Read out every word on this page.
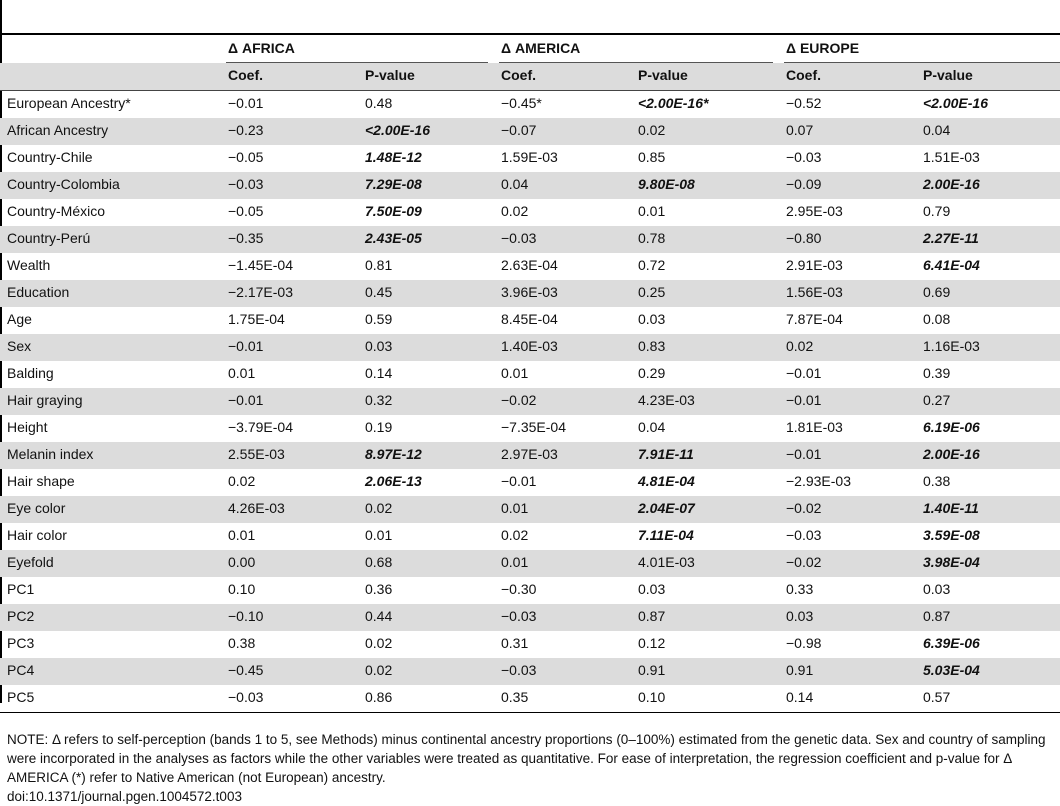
Δ AFRICA	Δ AMERICA	Δ EUROPE
Coef.	P-value	Coef.	P-value	Coef.	P-value
European Ancestry*	−0.01	0.48	−0.45*	<2.00E-16*	−0.52	<2.00E-16
African Ancestry	−0.23	<2.00E-16	−0.07	0.02	0.07	0.04
Country-Chile	−0.05	1.48E-12	1.59E-03	0.85	−0.03	1.51E-03
Country-Colombia	−0.03	7.29E-08	0.04	9.80E-08	−0.09	2.00E-16
Country-México	−0.05	7.50E-09	0.02	0.01	2.95E-03	0.79
Country-Perú	−0.35	2.43E-05	−0.03	0.78	−0.80	2.27E-11
Wealth	−1.45E-04	0.81	2.63E-04	0.72	2.91E-03	6.41E-04
Education	−2.17E-03	0.45	3.96E-03	0.25	1.56E-03	0.69
Age	1.75E-04	0.59	8.45E-04	0.03	7.87E-04	0.08
Sex	−0.01	0.03	1.40E-03	0.83	0.02	1.16E-03
Balding	0.01	0.14	0.01	0.29	−0.01	0.39
Hair graying	−0.01	0.32	−0.02	4.23E-03	−0.01	0.27
Height	−3.79E-04	0.19	−7.35E-04	0.04	1.81E-03	6.19E-06
Melanin index	2.55E-03	8.97E-12	2.97E-03	7.91E-11	−0.01	2.00E-16
Hair shape	0.02	2.06E-13	−0.01	4.81E-04	−2.93E-03	0.38
Eye color	4.26E-03	0.02	0.01	2.04E-07	−0.02	1.40E-11
Hair color	0.01	0.01	0.02	7.11E-04	−0.03	3.59E-08
Eyefold	0.00	0.68	0.01	4.01E-03	−0.02	3.98E-04
PC1	0.10	0.36	−0.30	0.03	0.33	0.03
PC2	−0.10	0.44	−0.03	0.87	0.03	0.87
PC3	0.38	0.02	0.31	0.12	−0.98	6.39E-06
PC4	−0.45	0.02	−0.03	0.91	0.91	5.03E-04
PC5	−0.03	0.86	0.35	0.10	0.14	0.57

NOTE: Δ refers to self-perception (bands 1 to 5, see Methods) minus continental ancestry proportions (0–100%) estimated from the genetic data. Sex and country of sampling were incorporated in the analyses as factors while the other variables were treated as quantitative. For ease of interpretation, the regression coefficient and p-value for Δ AMERICA (*) refer to Native American (not European) ancestry.

doi:10.1371/journal.pgen.1004572.t003
